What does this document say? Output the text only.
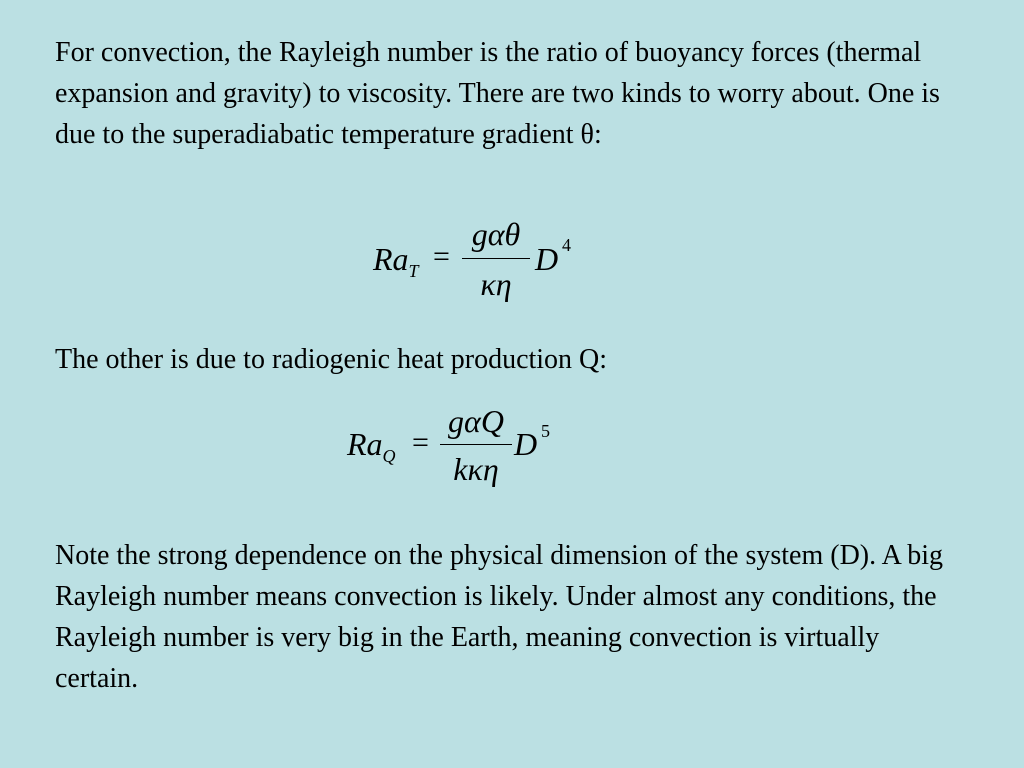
For convection, the Rayleigh number is the ratio of buoyancy forces (thermal expansion and gravity) to viscosity. There are two kinds to worry about. One is due to the superadiabatic temperature gradient θ:

$Ra_T$ =
gαθ
κη
D 4

The other is due to radiogenic heat production Q:

$Ra_Q$ =
gαQ
kκη
D 5

Note the strong dependence on the physical dimension of the system (D). A big Rayleigh number means convection is likely. Under almost any conditions, the Rayleigh number is very big in the Earth, meaning convection is virtually certain.
